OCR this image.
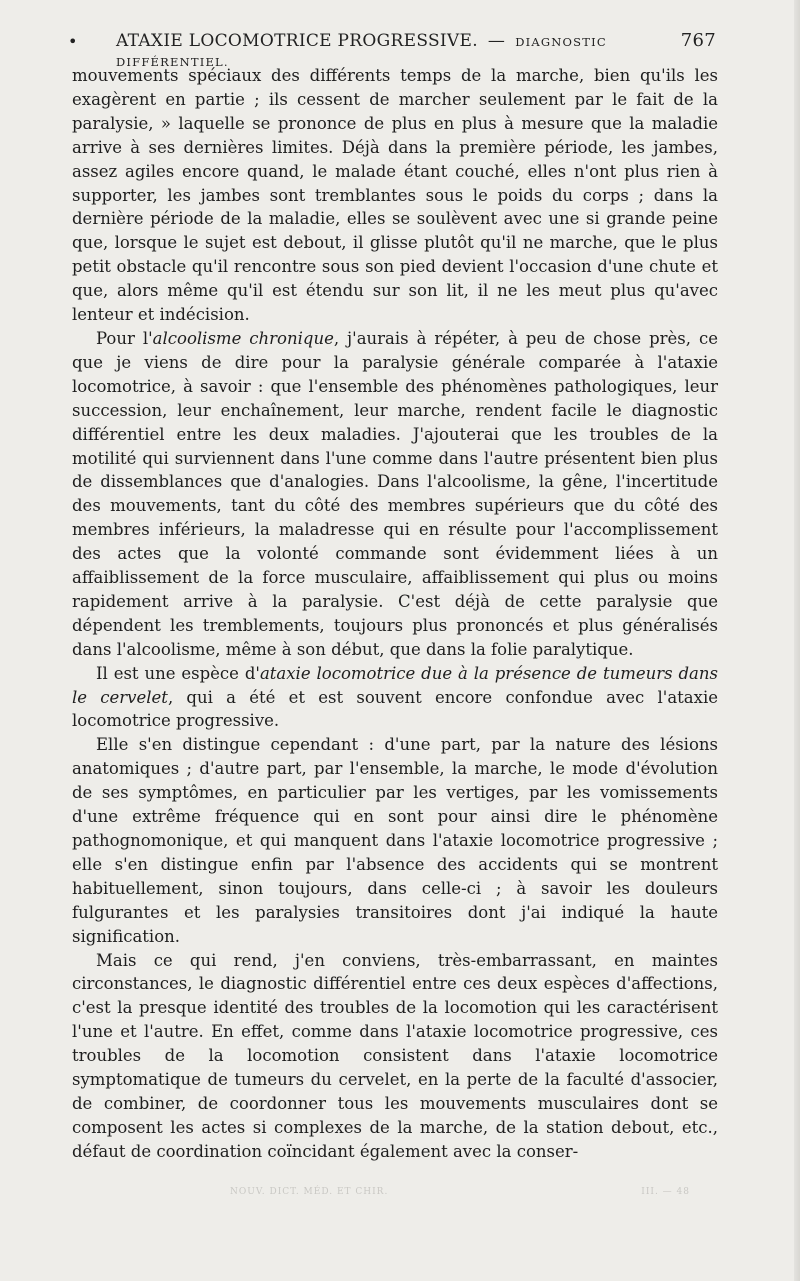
• ATAXIE LOCOMOTRICE PROGRESSIVE. — DIAGNOSTIC DIFFÉRENTIEL.
767

mouvements spéciaux des différents temps de la marche, bien qu'ils les exagèrent en partie ; ils cessent de marcher seulement par le fait de la paralysie, » laquelle se prononce de plus en plus à mesure que la maladie arrive à ses dernières limites. Déjà dans la première période, les jambes, assez agiles encore quand, le malade étant couché, elles n'ont plus rien à supporter, les jambes sont tremblantes sous le poids du corps ; dans la dernière période de la maladie, elles se soulèvent avec une si grande peine que, lorsque le sujet est debout, il glisse plutôt qu'il ne marche, que le plus petit obstacle qu'il rencontre sous son pied devient l'occasion d'une chute et que, alors même qu'il est étendu sur son lit, il ne les meut plus qu'avec lenteur et indécision.

Pour l'alcoolisme chronique, j'aurais à répéter, à peu de chose près, ce que je viens de dire pour la paralysie générale comparée à l'ataxie locomotrice, à savoir : que l'ensemble des phénomènes pathologiques, leur succession, leur enchaînement, leur marche, rendent facile le diagnostic différentiel entre les deux maladies. J'ajouterai que les troubles de la motilité qui surviennent dans l'une comme dans l'autre présentent bien plus de dissemblances que d'analogies. Dans l'alcoolisme, la gêne, l'incertitude des mouvements, tant du côté des membres supérieurs que du côté des membres inférieurs, la maladresse qui en résulte pour l'accomplissement des actes que la volonté commande sont évidemment liées à un affaiblissement de la force musculaire, affaiblissement qui plus ou moins rapidement arrive à la paralysie. C'est déjà de cette paralysie que dépendent les tremblements, toujours plus prononcés et plus généralisés dans l'alcoolisme, même à son début, que dans la folie paralytique.

Il est une espèce d'ataxie locomotrice due à la présence de tumeurs dans le cervelet, qui a été et est souvent encore confondue avec l'ataxie locomotrice progressive.

Elle s'en distingue cependant : d'une part, par la nature des lésions anatomiques ; d'autre part, par l'ensemble, la marche, le mode d'évolution de ses symptômes, en particulier par les vertiges, par les vomissements d'une extrême fréquence qui en sont pour ainsi dire le phénomène pathognomonique, et qui manquent dans l'ataxie locomotrice progressive ; elle s'en distingue enfin par l'absence des accidents qui se montrent habituellement, sinon toujours, dans celle-ci ; à savoir les douleurs fulgurantes et les paralysies transitoires dont j'ai indiqué la haute signification.

Mais ce qui rend, j'en conviens, très-embarrassant, en maintes circonstances, le diagnostic différentiel entre ces deux espèces d'affections, c'est la presque identité des troubles de la locomotion qui les caractérisent l'une et l'autre. En effet, comme dans l'ataxie locomotrice progressive, ces troubles de la locomotion consistent dans l'ataxie locomotrice symptomatique de tumeurs du cervelet, en la perte de la faculté d'associer, de combiner, de coordonner tous les mouvements musculaires dont se composent les actes si complexes de la marche, de la station debout, etc., défaut de coordination coïncidant également avec la conser-

NOUV. DICT. MÉD. ET CHIR.	III. — 48
